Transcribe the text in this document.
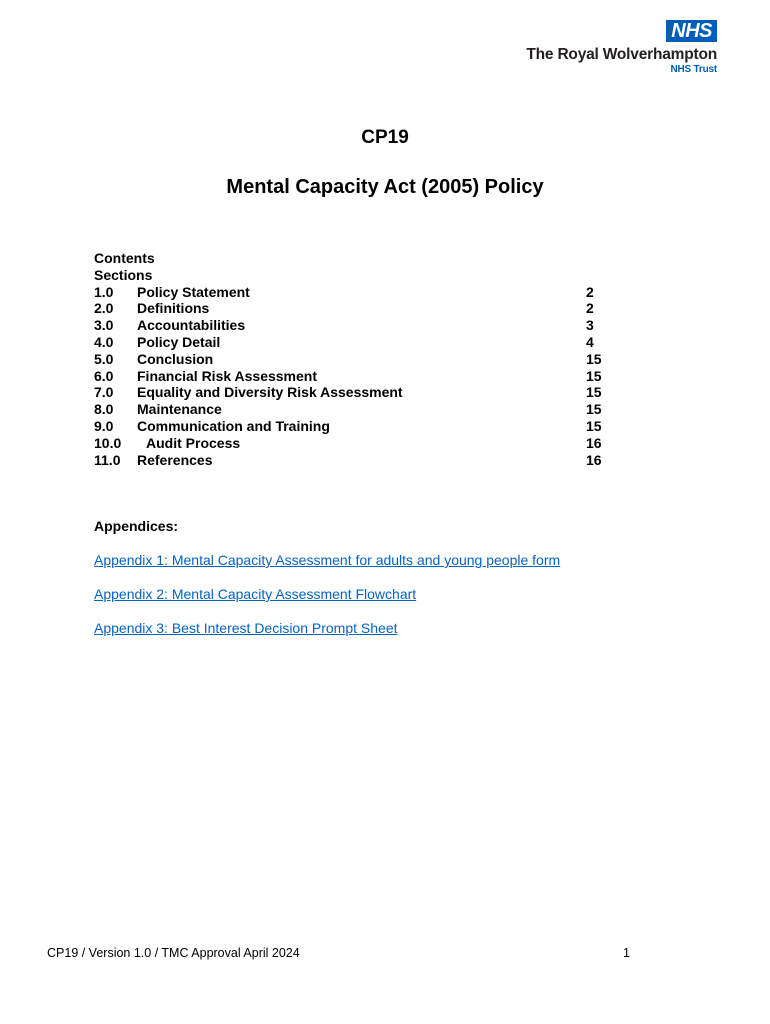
NHS
The Royal Wolverhampton
NHS Trust
CP19
Mental Capacity Act (2005) Policy
Contents
Sections
1.0 Policy Statement	2
2.0 Definitions	2
3.0 Accountabilities	3
4.0 Policy Detail	4
5.0 Conclusion	15
6.0 Financial Risk Assessment	15
7.0 Equality and Diversity Risk Assessment	15
8.0 Maintenance	15
9.0 Communication and Training	15
10.0 Audit Process	16
11.0 References	16
Appendices:
Appendix 1: Mental Capacity Assessment for adults and young people form
Appendix 2: Mental Capacity Assessment Flowchart
Appendix 3: Best Interest Decision Prompt Sheet
CP19 / Version 1.0 / TMC Approval April 2024	1
